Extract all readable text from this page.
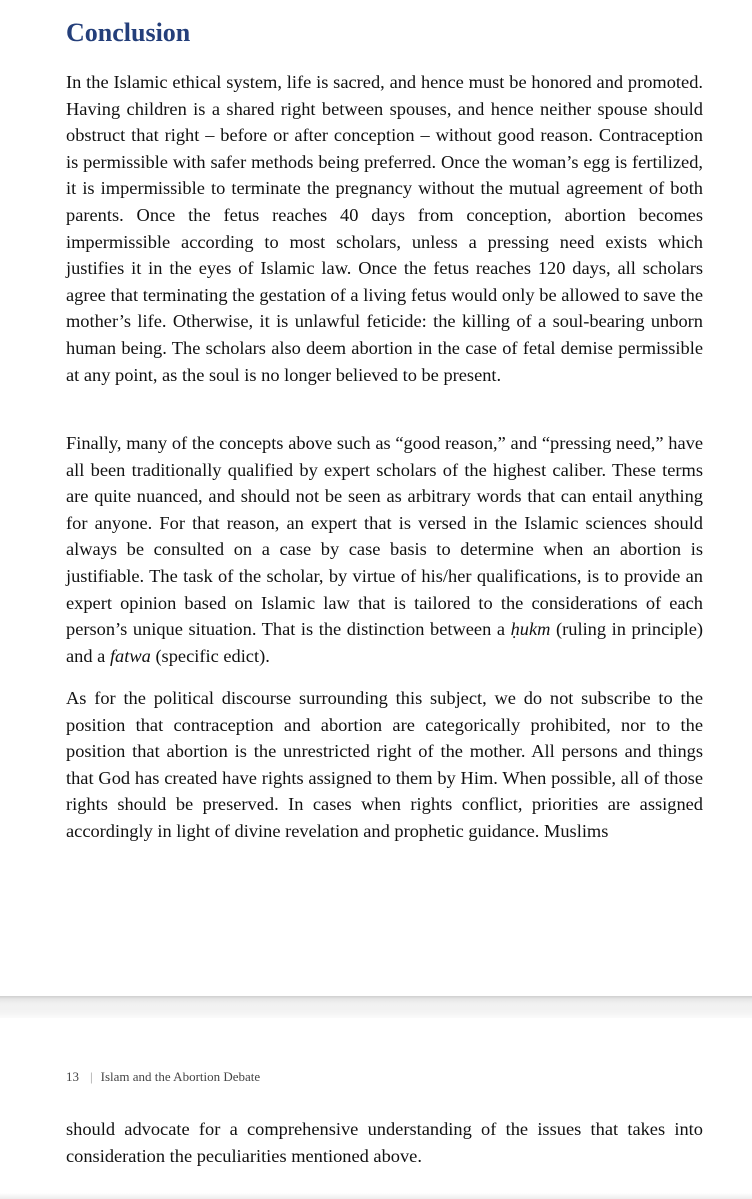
Conclusion

In the Islamic ethical system, life is sacred, and hence must be honored and promoted. Having children is a shared right between spouses, and hence neither spouse should obstruct that right – before or after conception – without good reason. Contraception is permissible with safer methods being preferred. Once the woman’s egg is fertilized, it is impermissible to terminate the pregnancy without the mutual agreement of both parents. Once the fetus reaches 40 days from conception, abortion becomes impermissible according to most scholars, unless a pressing need exists which justifies it in the eyes of Islamic law. Once the fetus reaches 120 days, all scholars agree that terminating the gestation of a living fetus would only be allowed to save the mother’s life. Otherwise, it is unlawful feticide: the killing of a soul-bearing unborn human being. The scholars also deem abortion in the case of fetal demise permissible at any point, as the soul is no longer believed to be present.

Finally, many of the concepts above such as “good reason,” and “pressing need,” have all been traditionally qualified by expert scholars of the highest caliber. These terms are quite nuanced, and should not be seen as arbitrary words that can entail anything for anyone. For that reason, an expert that is versed in the Islamic sciences should always be consulted on a case by case basis to determine when an abortion is justifiable. The task of the scholar, by virtue of his/her qualifications, is to provide an expert opinion based on Islamic law that is tailored to the considerations of each person’s unique situation. That is the distinction between a ḥukm (ruling in principle) and a fatwa (specific edict).

As for the political discourse surrounding this subject, we do not subscribe to the position that contraception and abortion are categorically prohibited, nor to the position that abortion is the unrestricted right of the mother. All persons and things that God has created have rights assigned to them by Him. When possible, all of those rights should be preserved. In cases when rights conflict, priorities are assigned accordingly in light of divine revelation and prophetic guidance. Muslims

13 | Islam and the Abortion Debate

should advocate for a comprehensive understanding of the issues that takes into consideration the peculiarities mentioned above.
